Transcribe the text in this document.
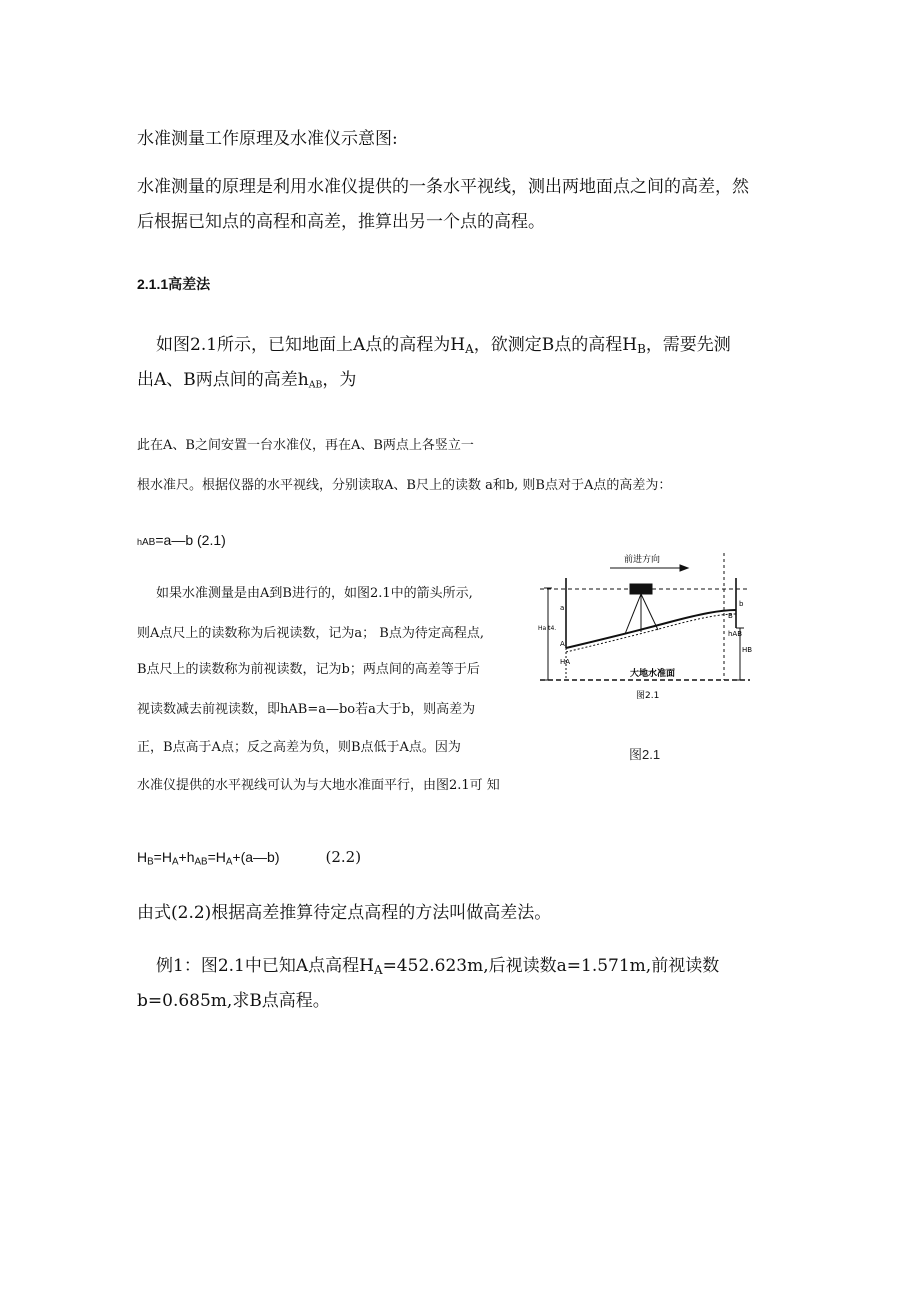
水准测量工作原理及水准仪示意图:
水准测量的原理是利用水准仪提供的一条水平视线，测出两地面点之间的高差，然
后根据已知点的高程和高差，推算出另一个点的高程。
2.1.1高差法
如图2.1所示，已知地面上A点的高程为$H_A$，欲测定B点的高程$H_B$，需要先测
出A、B两点间的高差$h_{AB}$，为
此在A、B之间安置一台水准仪，再在A、B两点上各竖立一
根水准尺。根据仪器的水平视线，分别读取A、B尺上的读数 a和b, 则B点对于A点的高差为：
hAB=a—b (2.1)
如果水准测量是由A到B进行的，如图2.1中的箭头所示,
则A点尺上的读数称为后视读数，记为a； B点为待定高程点,
B点尺上的读数称为前视读数，记为b；两点间的高差等于后
视读数减去前视读数，即hAB=a—bo若a大于b，则高差为
正，B点高于A点；反之高差为负，则B点低于A点。因为
水准仪提供的水平视线可认为与大地水准面平行，由图2.1可 知
前进方向
大地水准面
图2.1
a	b
A
B
hAB
HA
HB
Ha t4.
图2.1
$H_B=H_A+h_{AB}=H_A+(a—b)$	(2.2)
由式(2.2)根据高差推算待定点高程的方法叫做高差法。
例1：图2.1中已知A点高程$H_A=452.623m$,后视读数a=1.571m,前视读数
b=0.685m,求B点高程。
